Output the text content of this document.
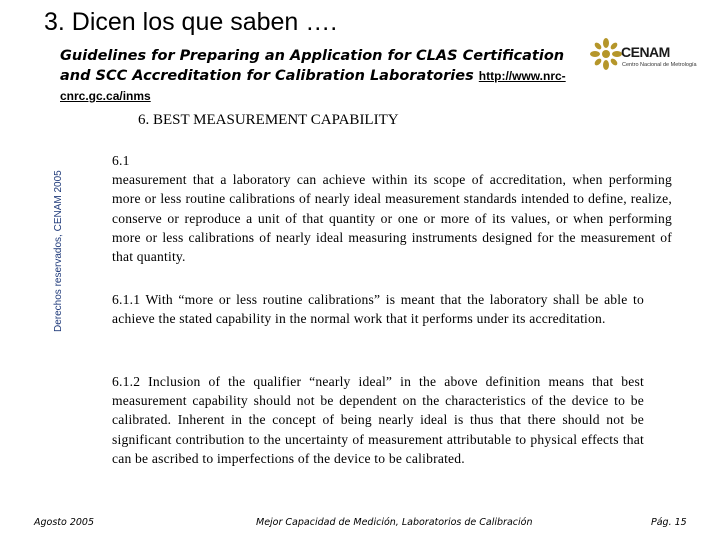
3. Dicen los que saben ….
Guidelines for Preparing an Application for CLAS Certification and SCC Accreditation for Calibration Laboratories http://www.nrc-
cnrc.gc.ca/inms
CENAM
Centro Nacional de Metrología
Derechos reservados, CENAM 2005
6. BEST MEASUREMENT CAPABILITY
6.1
measurement that a laboratory can achieve within its scope of accreditation, when performing more or less routine calibrations of nearly ideal measurement standards intended to define, realize, conserve or reproduce a unit of that quantity or one or more of its values, or when performing more or less calibrations of nearly ideal measuring instruments designed for the measurement of that quantity.
6.1.1 With “more or less routine calibrations” is meant that the laboratory shall be able to achieve the stated capability in the normal work that it performs under its accreditation.
6.1.2 Inclusion of the qualifier “nearly ideal” in the above definition means that best measurement capability should not be dependent on the characteristics of the device to be calibrated. Inherent in the concept of being nearly ideal is thus that there should not be significant contribution to the uncertainty of measurement attributable to physical effects that can be ascribed to imperfections of the device to be calibrated.
Agosto 2005	Mejor Capacidad de Medición, Laboratorios de Calibración	Pág. 15
